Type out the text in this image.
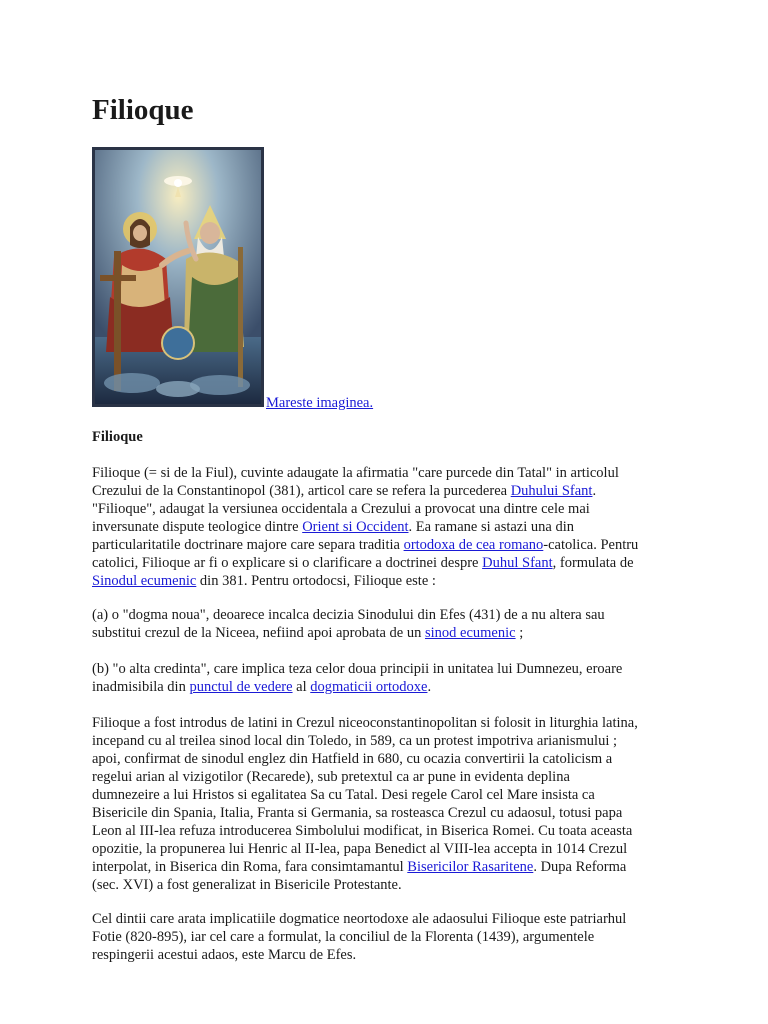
Filioque
Mareste imaginea.

Filioque

Filioque (= si de la Fiul), cuvinte adaugate la afirmatia "care purcede din Tatal" in articolul
Crezului de la Constantinopol (381), articol care se refera la purcederea Duhului Sfant.
"Filioque", adaugat la versiunea occidentala a Crezului a provocat una dintre cele mai
inversunate dispute teologice dintre Orient si Occident. Ea ramane si astazi una din
particularitatile doctrinare majore care separa traditia ortodoxa de cea romano-catolica. Pentru
catolici, Filioque ar fi o explicare si o clarificare a doctrinei despre Duhul Sfant, formulata de
Sinodul ecumenic din 381. Pentru ortodocsi, Filioque este :

(a) o "dogma noua", deoarece incalca decizia Sinodului din Efes (431) de a nu altera sau
substitui crezul de la Niceea, nefiind apoi aprobata de un sinod ecumenic ;

(b) "o alta credinta", care implica teza celor doua principii in unitatea lui Dumnezeu, eroare
inadmisibila din punctul de vedere al dogmaticii ortodoxe.

Filioque a fost introdus de latini in Crezul niceoconstantinopolitan si folosit in liturghia latina,
incepand cu al treilea sinod local din Toledo, in 589, ca un protest impotriva arianismului ;
apoi, confirmat de sinodul englez din Hatfield in 680, cu ocazia convertirii la catolicism a
regelui arian al vizigotilor (Recarede), sub pretextul ca ar pune in evidenta deplina
dumnezeire a lui Hristos si egalitatea Sa cu Tatal. Desi regele Carol cel Mare insista ca
Bisericile din Spania, Italia, Franta si Germania, sa rosteasca Crezul cu adaosul, totusi papa
Leon al III-lea refuza introducerea Simbolului modificat, in Biserica Romei. Cu toata aceasta
opozitie, la propunerea lui Henric al II-lea, papa Benedict al VIII-lea accepta in 1014 Crezul
interpolat, in Biserica din Roma, fara consimtamantul Bisericilor Rasaritene. Dupa Reforma
(sec. XVI) a fost generalizat in Bisericile Protestante.

Cel dintii care arata implicatiile dogmatice neortodoxe ale adaosului Filioque este patriarhul
Fotie (820-895), iar cel care a formulat, la conciliul de la Florenta (1439), argumentele
respingerii acestui adaos, este Marcu de Efes.
